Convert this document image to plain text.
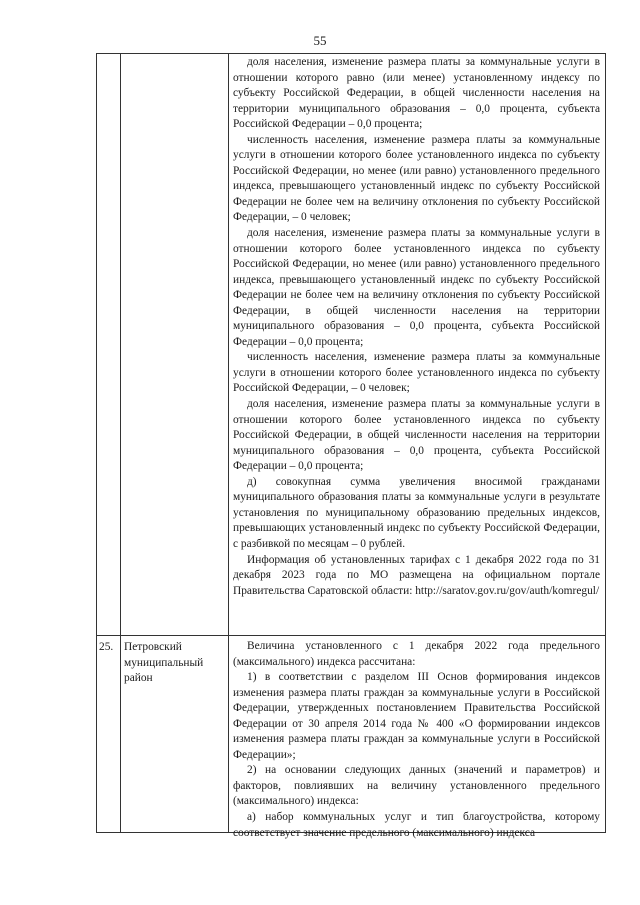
55

доля населения, изменение размера платы за коммунальные услуги в отношении которого равно (или менее) установленному индексу по субъекту Российской Федерации, в общей численности населения на территории муниципального образования – 0,0 процента, субъекта Российской Федерации – 0,0 процента;

численность населения, изменение размера платы за коммунальные услуги в отношении которого более установленного индекса по субъекту Российской Федерации, но менее (или равно) установленного предельного индекса, превышающего установленный индекс по субъекту Российской Федерации не более чем на величину отклонения по субъекту Российской Федерации, – 0 человек;

доля населения, изменение размера платы за коммунальные услуги в отношении которого более установленного индекса по субъекту Российской Федерации, но менее (или равно) установленного предельного индекса, превышающего установленный индекс по субъекту Российской Федерации не более чем на величину отклонения по субъекту Российской Федерации, в общей численности населения на территории муниципального образования – 0,0 процента, субъекта Российской Федерации – 0,0 процента;

численность населения, изменение размера платы за коммунальные услуги в отношении которого более установленного индекса по субъекту Российской Федерации, – 0 человек;

доля населения, изменение размера платы за коммунальные услуги в отношении которого более установленного индекса по субъекту Российской Федерации, в общей численности населения на территории муниципального образования – 0,0 процента, субъекта Российской Федерации – 0,0 процента;

д) совокупная сумма увеличения вносимой гражданами муниципального образования платы за коммунальные услуги в результате установления по муниципальному образованию предельных индексов, превышающих установленный индекс по субъекту Российской Федерации, с разбивкой по месяцам – 0 рублей.

Информация об установленных тарифах с 1 декабря 2022 года по 31 декабря 2023 года по МО размещена на официальном портале Правительства Саратовской области: http://saratov.gov.ru/gov/auth/komregul/

25. Петровский
муниципальный
район

Величина установленного с 1 декабря 2022 года предельного (максимального) индекса рассчитана:

1) в соответствии с разделом III Основ формирования индексов изменения размера платы граждан за коммунальные услуги в Российской Федерации, утвержденных постановлением Правительства Российской Федерации от 30 апреля 2014 года № 400 «О формировании индексов изменения размера платы граждан за коммунальные услуги в Российской Федерации»;

2) на основании следующих данных (значений и параметров) и факторов, повлиявших на величину установленного предельного (максимального) индекса:

а) набор коммунальных услуг и тип благоустройства, которому соответствует значение предельного (максимального) индекса
